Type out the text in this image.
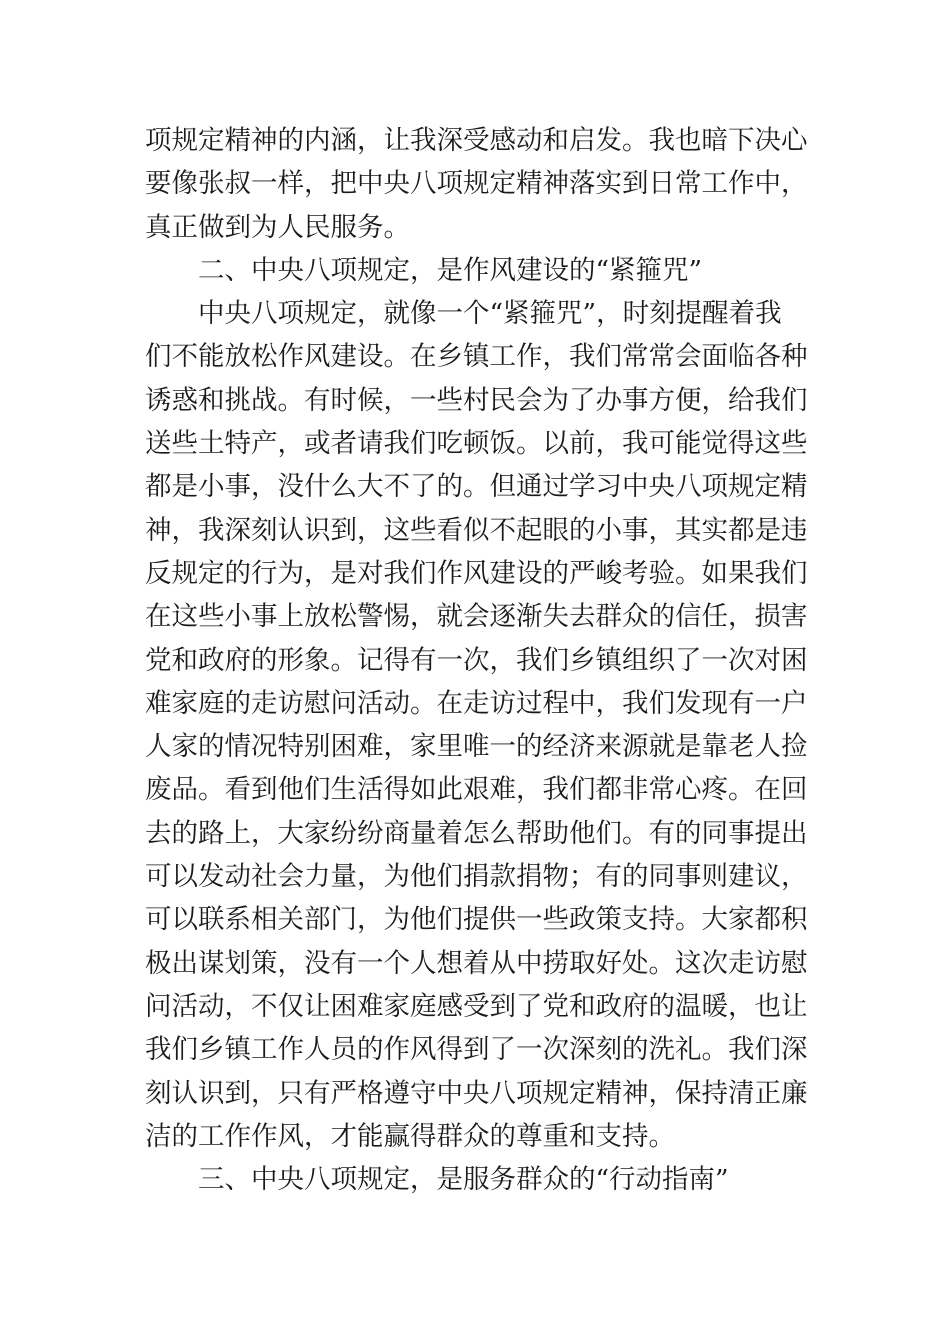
项规定精神的内涵，让我深受感动和启发。我也暗下决心
要像张叔一样，把中央八项规定精神落实到日常工作中，
真正做到为人民服务。
二、中央八项规定，是作风建设的“紧箍咒”
中央八项规定，就像一个“紧箍咒”，时刻提醒着我
们不能放松作风建设。在乡镇工作，我们常常会面临各种
诱惑和挑战。有时候，一些村民会为了办事方便，给我们
送些土特产，或者请我们吃顿饭。以前，我可能觉得这些
都是小事，没什么大不了的。但通过学习中央八项规定精
神，我深刻认识到，这些看似不起眼的小事，其实都是违
反规定的行为，是对我们作风建设的严峻考验。如果我们
在这些小事上放松警惕，就会逐渐失去群众的信任，损害
党和政府的形象。记得有一次，我们乡镇组织了一次对困
难家庭的走访慰问活动。在走访过程中，我们发现有一户
人家的情况特别困难，家里唯一的经济来源就是靠老人捡
废品。看到他们生活得如此艰难，我们都非常心疼。在回
去的路上，大家纷纷商量着怎么帮助他们。有的同事提出
可以发动社会力量，为他们捐款捐物；有的同事则建议，
可以联系相关部门，为他们提供一些政策支持。大家都积
极出谋划策，没有一个人想着从中捞取好处。这次走访慰
问活动，不仅让困难家庭感受到了党和政府的温暖，也让
我们乡镇工作人员的作风得到了一次深刻的洗礼。我们深
刻认识到，只有严格遵守中央八项规定精神，保持清正廉
洁的工作作风，才能赢得群众的尊重和支持。
三、中央八项规定，是服务群众的“行动指南”
